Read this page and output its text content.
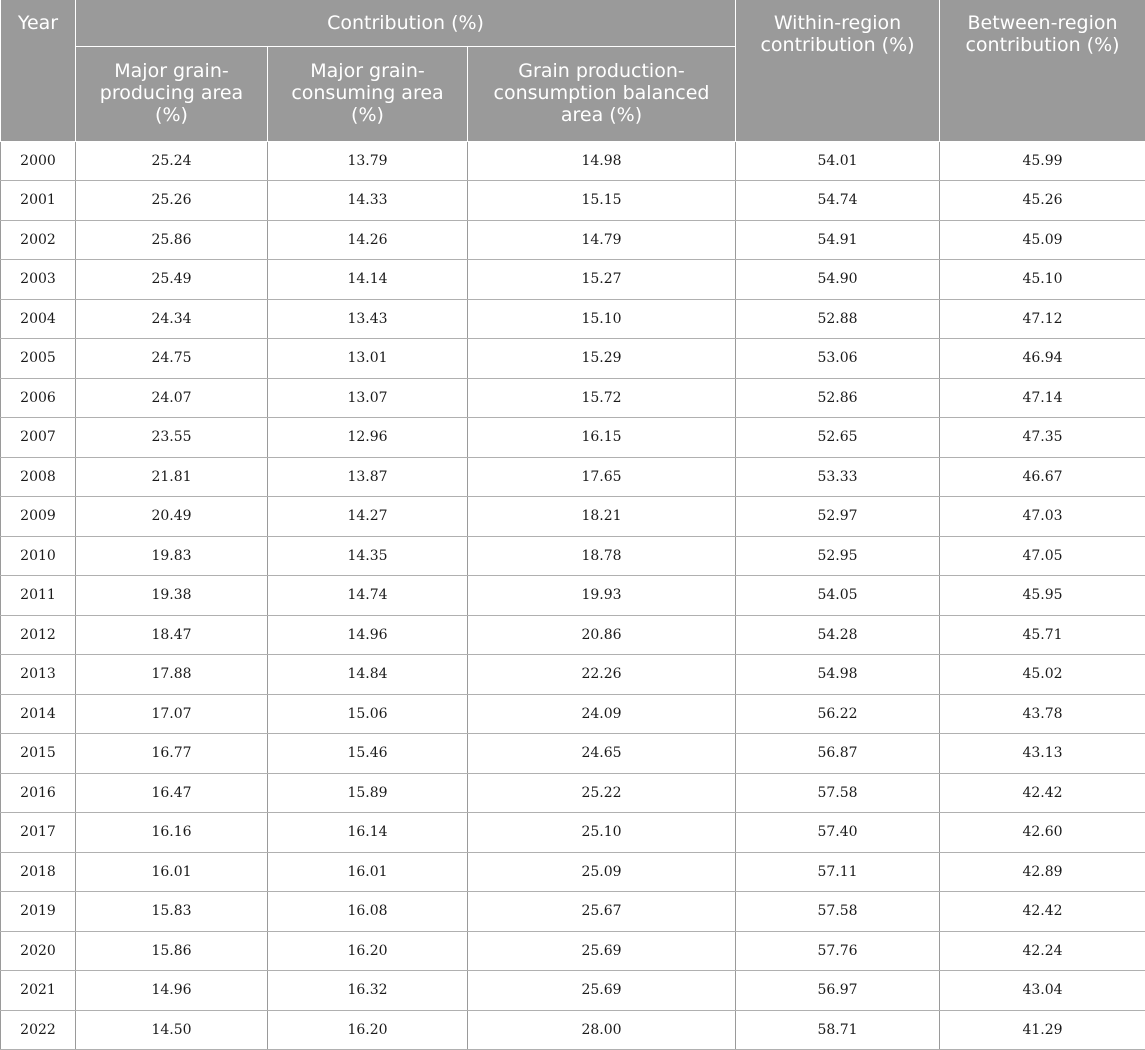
Year	Contribution (%)			Within-region contribution (%)	Between-region contribution (%)
	Major grain-producing area (%)	Major grain-consuming area (%)	Grain production-consumption balanced area (%)		
2000	25.24	13.79	14.98	54.01	45.99
2001	25.26	14.33	15.15	54.74	45.26
2002	25.86	14.26	14.79	54.91	45.09
2003	25.49	14.14	15.27	54.90	45.10
2004	24.34	13.43	15.10	52.88	47.12
2005	24.75	13.01	15.29	53.06	46.94
2006	24.07	13.07	15.72	52.86	47.14
2007	23.55	12.96	16.15	52.65	47.35
2008	21.81	13.87	17.65	53.33	46.67
2009	20.49	14.27	18.21	52.97	47.03
2010	19.83	14.35	18.78	52.95	47.05
2011	19.38	14.74	19.93	54.05	45.95
2012	18.47	14.96	20.86	54.28	45.71
2013	17.88	14.84	22.26	54.98	45.02
2014	17.07	15.06	24.09	56.22	43.78
2015	16.77	15.46	24.65	56.87	43.13
2016	16.47	15.89	25.22	57.58	42.42
2017	16.16	16.14	25.10	57.40	42.60
2018	16.01	16.01	25.09	57.11	42.89
2019	15.83	16.08	25.67	57.58	42.42
2020	15.86	16.20	25.69	57.76	42.24
2021	14.96	16.32	25.69	56.97	43.04
2022	14.50	16.20	28.00	58.71	41.29
